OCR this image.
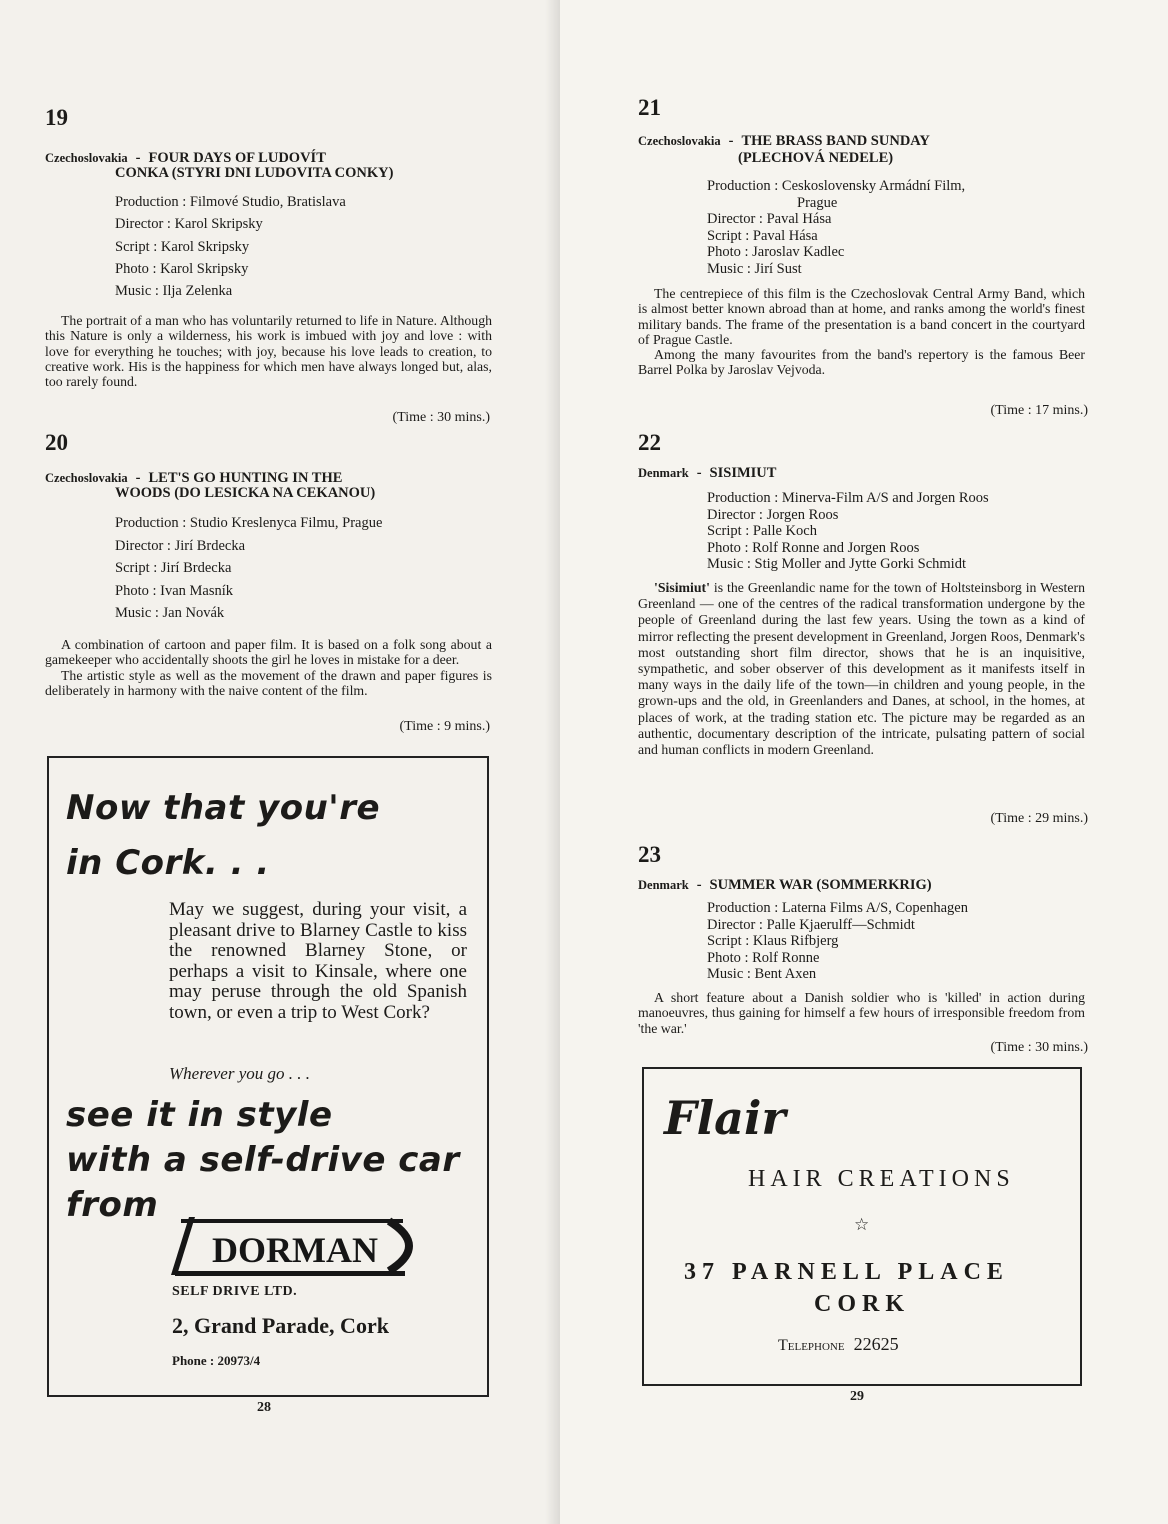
19
Czechoslovakia - FOUR DAYS OF LUDOVÍT
CONKA (STYRI DNI LUDOVITA CONKY)
Production : Filmové Studio, Bratislava
Director : Karol Skripsky
Script : Karol Skripsky
Photo : Karol Skripsky
Music : Ilja Zelenka

The portrait of a man who has voluntarily returned to life in Nature. Although this Nature is only a wilderness, his work is imbued with joy and love : with love for everything he touches; with joy, because his love leads to creation, to creative work. His is the happiness for which men have always longed but, alas, too rarely found.

(Time : 30 mins.)
20
Czechoslovakia - LET'S GO HUNTING IN THE
WOODS (DO LESICKA NA CEKANOU)
Production : Studio Kreslenyca Filmu, Prague
Director : Jirí Brdecka
Script : Jirí Brdecka
Photo : Ivan Masník
Music : Jan Novák

A combination of cartoon and paper film. It is based on a folk song about a gamekeeper who accidentally shoots the girl he loves in mistake for a deer.

The artistic style as well as the movement of the drawn and paper figures is deliberately in harmony with the naive content of the film.

(Time : 9 mins.)
Now that you're
in Cork. . .
May we suggest, during your visit, a pleasant drive to Blarney Castle to kiss the renowned Blarney Stone, or perhaps a visit to Kinsale, where one may peruse through the old Spanish town, or even a trip to West Cork?
Wherever you go . . .
see it in style
with a self-drive car
from
DORMAN
SELF DRIVE LTD.
2, Grand Parade, Cork
Phone : 20973/4
28
21
Czechoslovakia - THE BRASS BAND SUNDAY
(PLECHOVÁ NEDELE)
Production : Ceskoslovensky Armádní Film,
Prague
Director : Paval Hása
Script : Paval Hása
Photo : Jaroslav Kadlec
Music : Jirí Sust

The centrepiece of this film is the Czechoslovak Central Army Band, which is almost better known abroad than at home, and ranks among the world's finest military bands. The frame of the presentation is a band concert in the courtyard of Prague Castle.

Among the many favourites from the band's repertory is the famous Beer Barrel Polka by Jaroslav Vejvoda.

(Time : 17 mins.)
22
Denmark - SISIMIUT
Production : Minerva-Film A/S and Jorgen Roos
Director : Jorgen Roos
Script : Palle Koch
Photo : Rolf Ronne and Jorgen Roos
Music : Stig Moller and Jytte Gorki Schmidt

'Sisimiut' is the Greenlandic name for the town of Holtsteinsborg in Western Greenland — one of the centres of the radical transformation undergone by the people of Greenland during the last few years. Using the town as a kind of mirror reflecting the present development in Greenland, Jorgen Roos, Denmark's most outstanding short film director, shows that he is an inquisitive, sympathetic, and sober observer of this development as it manifests itself in many ways in the daily life of the town—in children and young people, in the grown-ups and the old, in Greenlanders and Danes, at school, in the homes, at places of work, at the trading station etc. The picture may be regarded as an authentic, documentary description of the intricate, pulsating pattern of social and human conflicts in modern Greenland.

(Time : 29 mins.)
23
Denmark - SUMMER WAR (SOMMERKRIG)
Production : Laterna Films A/S, Copenhagen
Director : Palle Kjaerulff—Schmidt
Script : Klaus Rifbjerg
Photo : Rolf Ronne
Music : Bent Axen

A short feature about a Danish soldier who is 'killed' in action during manoeuvres, thus gaining for himself a few hours of irresponsible freedom from 'the war.'

(Time : 30 mins.)
Flair
HAIR CREATIONS
☆
37 PARNELL PLACE
CORK
Telephone 22625
29
